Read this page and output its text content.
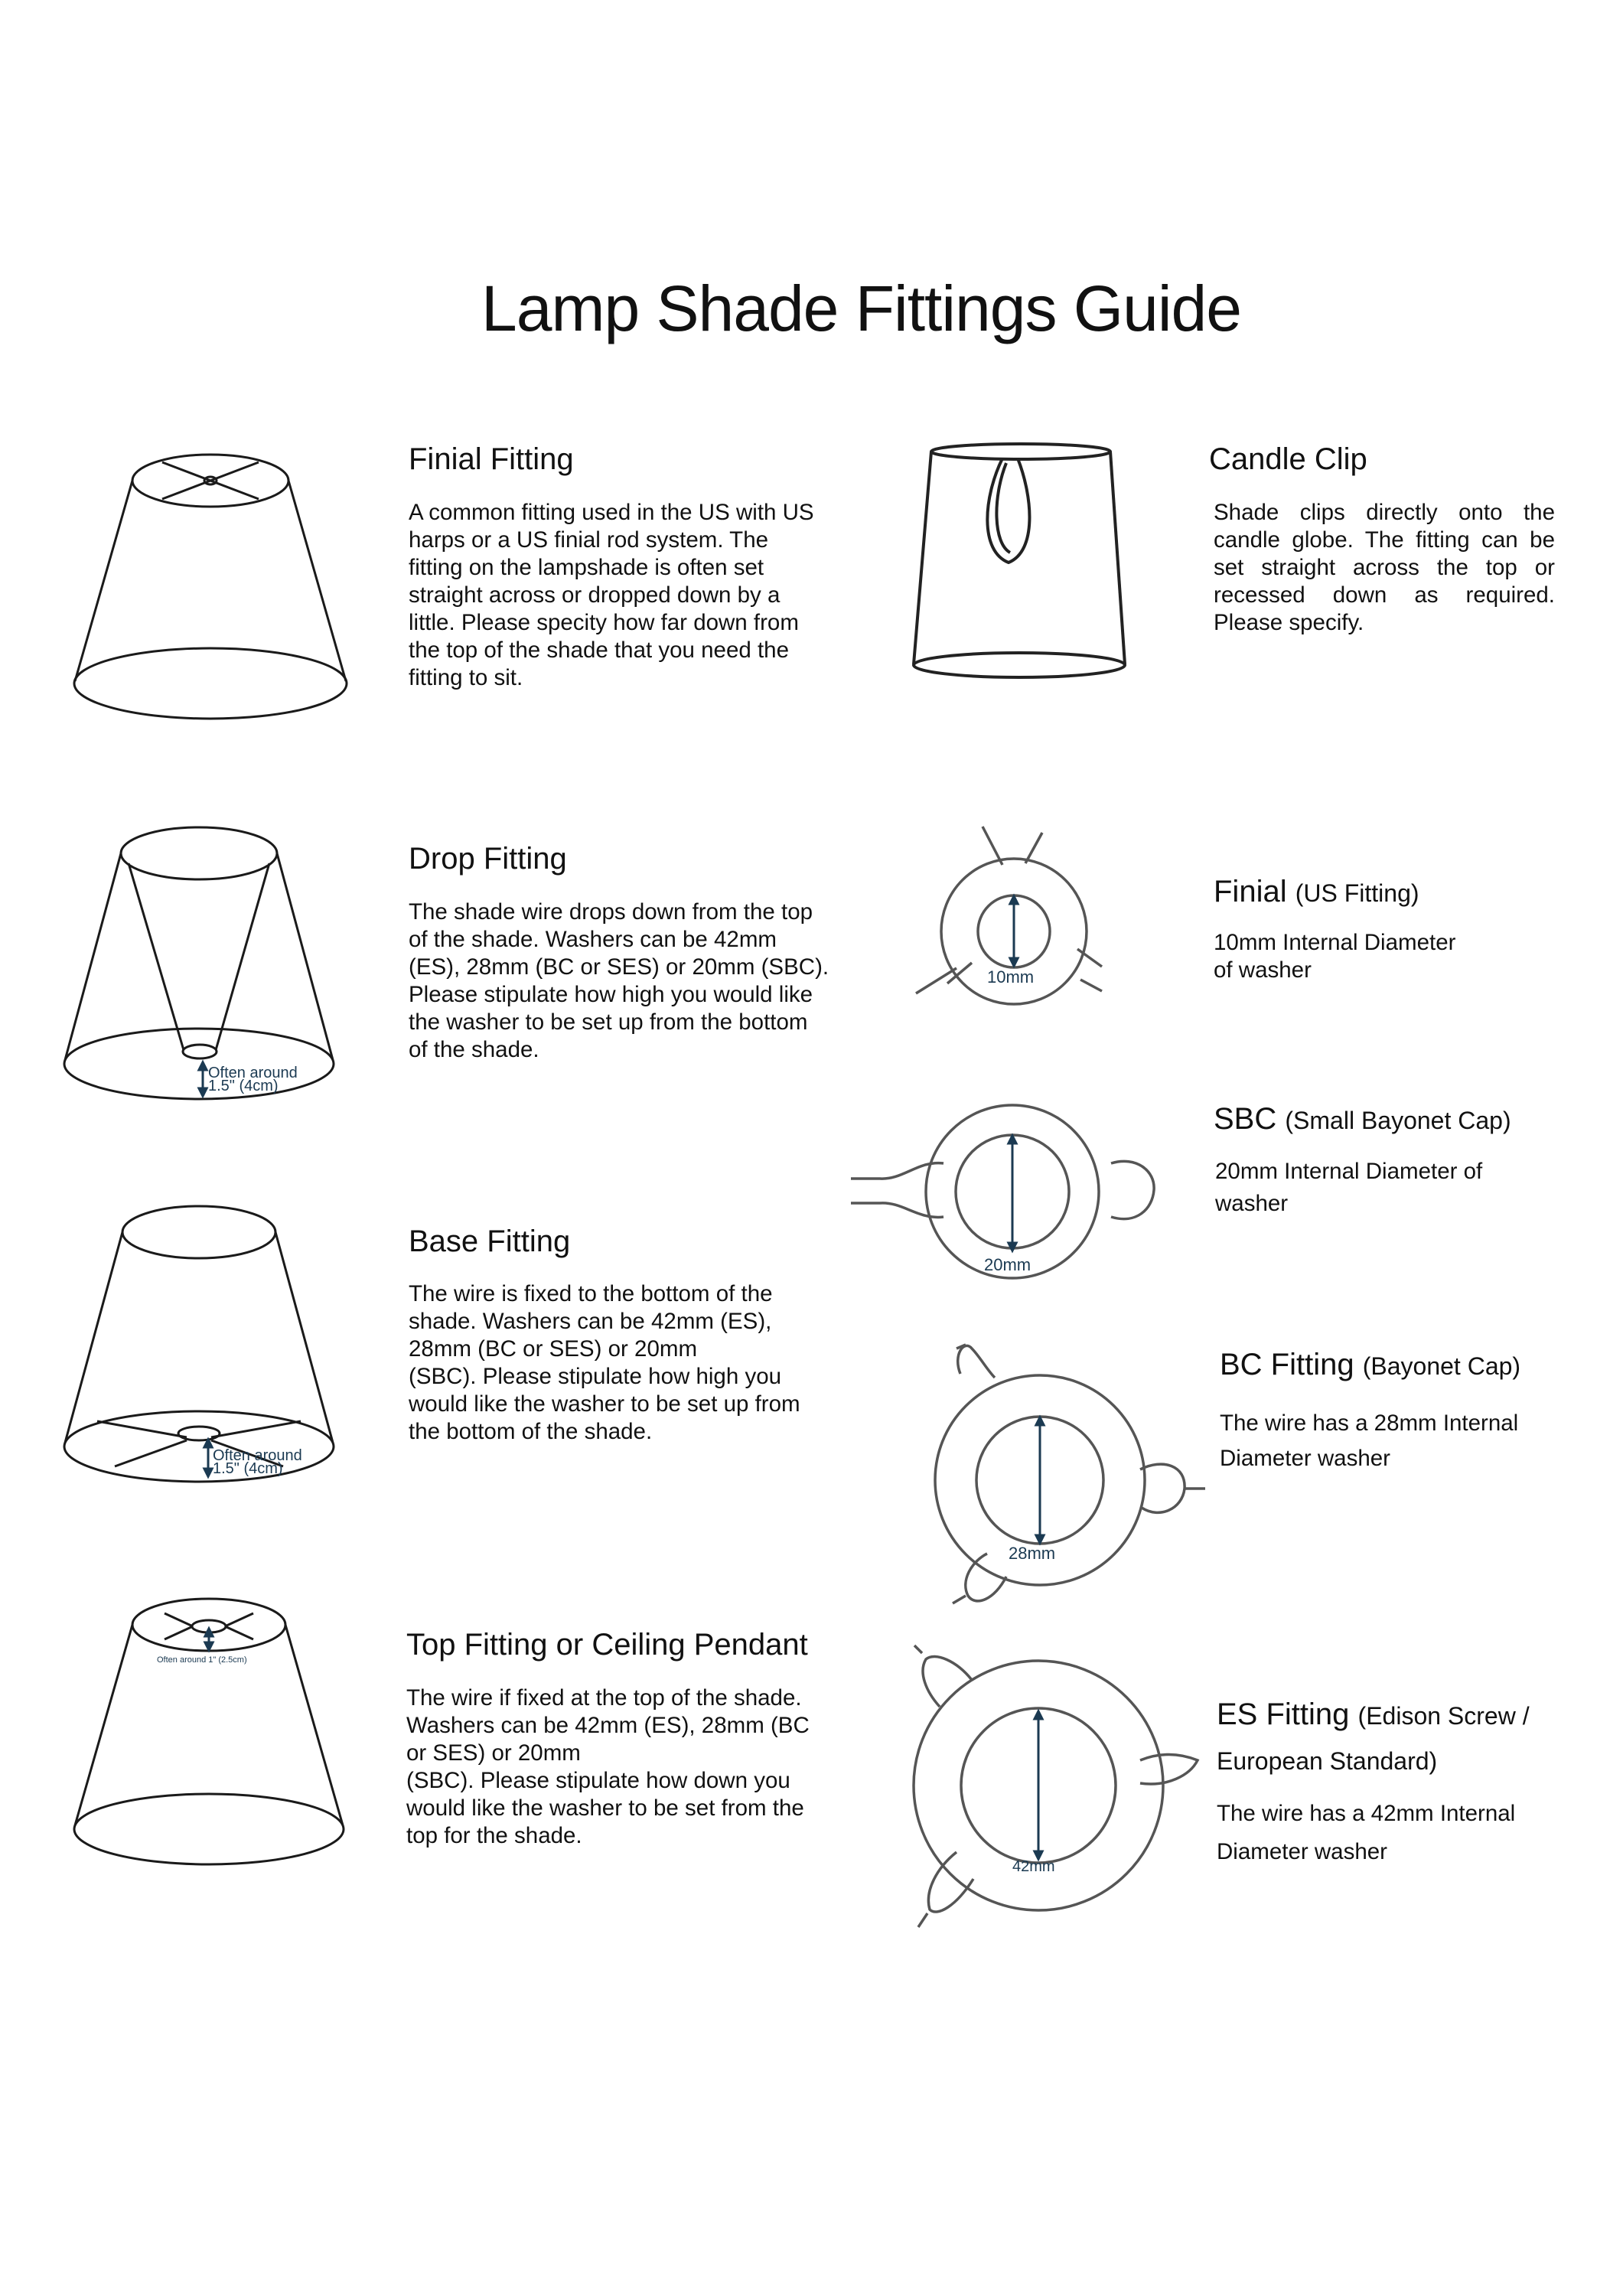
Lamp Shade Fittings Guide
Finial Fitting
A common fitting used in the US with US
harps or a US finial rod system. The
fitting on the lampshade is often set
straight across or dropped down by a
little. Please specity how far down from
the top of the shade that you need the
fitting to sit.
Drop Fitting
The shade wire drops down from the top
of the shade. Washers can be 42mm
(ES), 28mm (BC or SES) or 20mm (SBC).
Please stipulate how high you would like
the washer to be set up from the bottom
of the shade.
Base Fitting
The wire is fixed to the bottom of the
shade. Washers can be 42mm (ES),
28mm (BC or SES) or 20mm
(SBC). Please stipulate how high you
would like the washer to be set up from
the bottom of the shade.
Top Fitting or Ceiling Pendant
The wire if fixed at the top of the shade.
Washers can be 42mm (ES), 28mm (BC
or SES) or 20mm
(SBC). Please stipulate how down you
would like the washer to be set from the
top for the shade.
Candle Clip
Shade clips directly onto the candle globe. The fitting can be set straight across the top or recessed down as required. Please specify.
Finial (US Fitting)
10mm Internal Diameter
of washer
SBC (Small Bayonet Cap)
20mm Internal Diameter of
washer
BC Fitting (Bayonet Cap)
The wire has a 28mm Internal
Diameter washer
ES Fitting (Edison Screw /
European Standard)
The wire has a 42mm Internal
Diameter washer
Often around
1.5" (4cm)
Often around
1.5" (4cm)
Often around 1" (2.5cm)
10mm
20mm
28mm
42mm
